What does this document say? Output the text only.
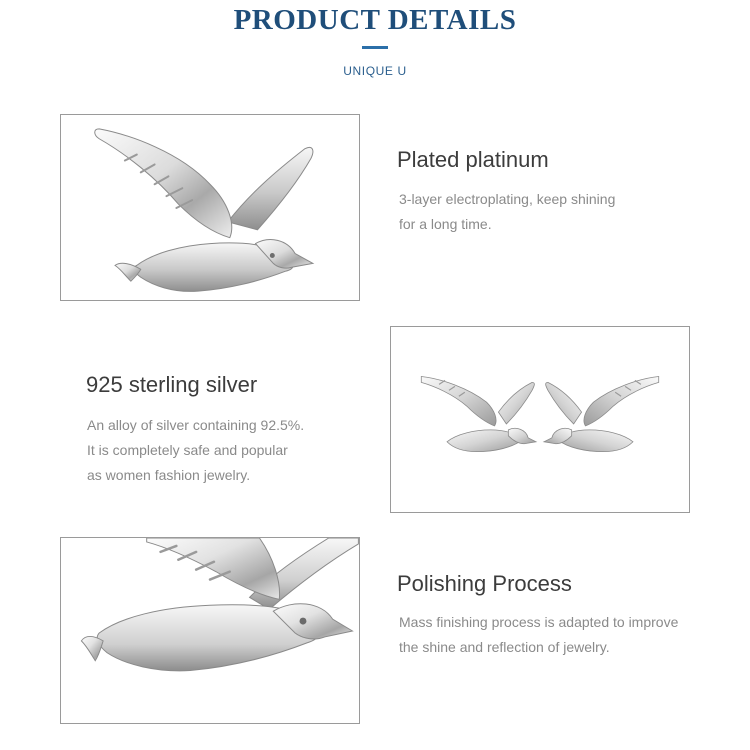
PRODUCT DETAILS
UNIQUE U
Plated platinum
3-layer electroplating, keep shining
for a long time.
925 sterling silver
An alloy of silver containing 92.5%.
It is completely safe and popular
as women fashion jewelry.
Polishing Process
Mass finishing process is adapted to improve
the shine and reflection of jewelry.
